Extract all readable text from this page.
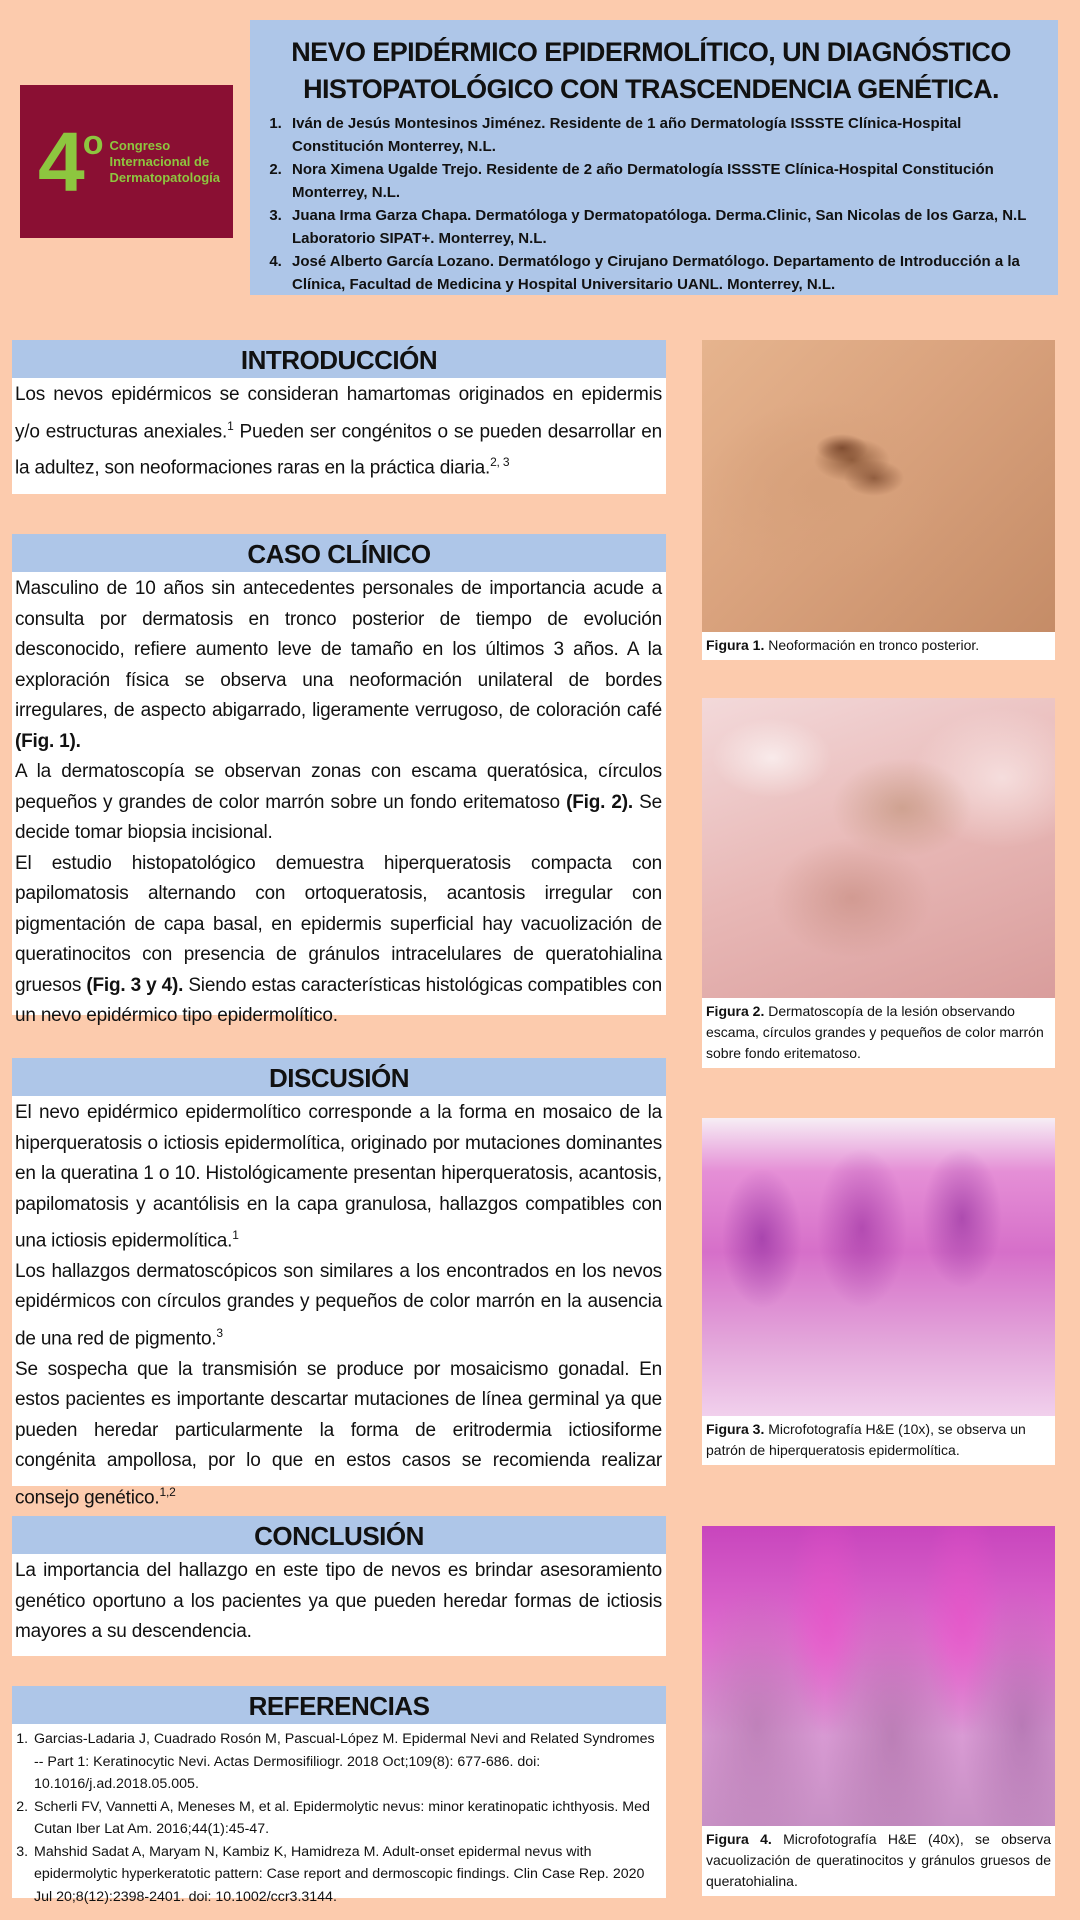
4$^o$ Congreso
Internacional de
Dermatopatología
NEVO EPIDÉRMICO EPIDERMOLÍTICO, UN DIAGNÓSTICO
HISTOPATOLÓGICO CON TRASCENDENCIA GENÉTICA.
1. Iván de Jesús Montesinos Jiménez. Residente de 1 año Dermatología ISSSTE Clínica-Hospital Constitución Monterrey, N.L.
2. Nora Ximena Ugalde Trejo. Residente de 2 año Dermatología ISSSTE Clínica-Hospital Constitución Monterrey, N.L.
3. Juana Irma Garza Chapa. Dermatóloga y Dermatopatóloga. Derma.Clinic, San Nicolas de los Garza, N.L Laboratorio SIPAT+. Monterrey, N.L.
4. José Alberto García Lozano. Dermatólogo y Cirujano Dermatólogo. Departamento de Introducción a la Clínica, Facultad de Medicina y Hospital Universitario UANL. Monterrey, N.L.
INTRODUCCIÓN

Los nevos epidérmicos se consideran hamartomas originados en epidermis y/o estructuras anexiales.$^1$ Pueden ser congénitos o se pueden desarrollar en la adultez, son neoformaciones raras en la práctica diaria.$^{2, 3}$

CASO CLÍNICO

Masculino de 10 años sin antecedentes personales de importancia acude a consulta por dermatosis en tronco posterior de tiempo de evolución desconocido, refiere aumento leve de tamaño en los últimos 3 años. A la exploración física se observa una neoformación unilateral de bordes irregulares, de aspecto abigarrado, ligeramente verrugoso, de coloración café (Fig. 1).

A la dermatoscopía se observan zonas con escama queratósica, círculos pequeños y grandes de color marrón sobre un fondo eritematoso (Fig. 2). Se decide tomar biopsia incisional.

El estudio histopatológico demuestra hiperqueratosis compacta con papilomatosis alternando con ortoqueratosis, acantosis irregular con pigmentación de capa basal, en epidermis superficial hay vacuolización de queratinocitos con presencia de gránulos intracelulares de queratohialina gruesos (Fig. 3 y 4). Siendo estas características histológicas compatibles con un nevo epidérmico tipo epidermolítico.

DISCUSIÓN

El nevo epidérmico epidermolítico corresponde a la forma en mosaico de la hiperqueratosis o ictiosis epidermolítica, originado por mutaciones dominantes en la queratina 1 o 10. Histológicamente presentan hiperqueratosis, acantosis, papilomatosis y acantólisis en la capa granulosa, hallazgos compatibles con una ictiosis epidermolítica.$^1$

Los hallazgos dermatoscópicos son similares a los encontrados en los nevos epidérmicos con círculos grandes y pequeños de color marrón en la ausencia de una red de pigmento.$^3$

Se sospecha que la transmisión se produce por mosaicismo gonadal. En estos pacientes es importante descartar mutaciones de línea germinal ya que pueden heredar particularmente la forma de eritrodermia ictiosiforme congénita ampollosa, por lo que en estos casos se recomienda realizar consejo genético.$^{1,2}$

CONCLUSIÓN

La importancia del hallazgo en este tipo de nevos es brindar asesoramiento genético oportuno a los pacientes ya que pueden heredar formas de ictiosis mayores a su descendencia.

REFERENCIAS
1. Garcias-Ladaria J, Cuadrado Rosón M, Pascual-López M. Epidermal Nevi and Related Syndromes -- Part 1: Keratinocytic Nevi. Actas Dermosifiliogr. 2018 Oct;109(8): 677-686. doi: 10.1016/j.ad.2018.05.005.
2. Scherli FV, Vannetti A, Meneses M, et al. Epidermolytic nevus: minor keratinopatic ichthyosis. Med Cutan Iber Lat Am. 2016;44(1):45-47.
3. Mahshid Sadat A, Maryam N, Kambiz K, Hamidreza M. Adult-onset epidermal nevus with epidermolytic hyperkeratotic pattern: Case report and dermoscopic findings. Clin Case Rep. 2020 Jul 20;8(12):2398-2401. doi: 10.1002/ccr3.3144.
Figura 1. Neoformación en tronco posterior.
Figura 2. Dermatoscopía de la lesión observando escama, círculos grandes y pequeños de color marrón sobre fondo eritematoso.
Figura 3. Microfotografía H&E (10x), se observa un patrón de hiperqueratosis epidermolítica.
Figura 4. Microfotografía H&E (40x), se observa vacuolización de queratinocitos y gránulos gruesos de queratohialina.
